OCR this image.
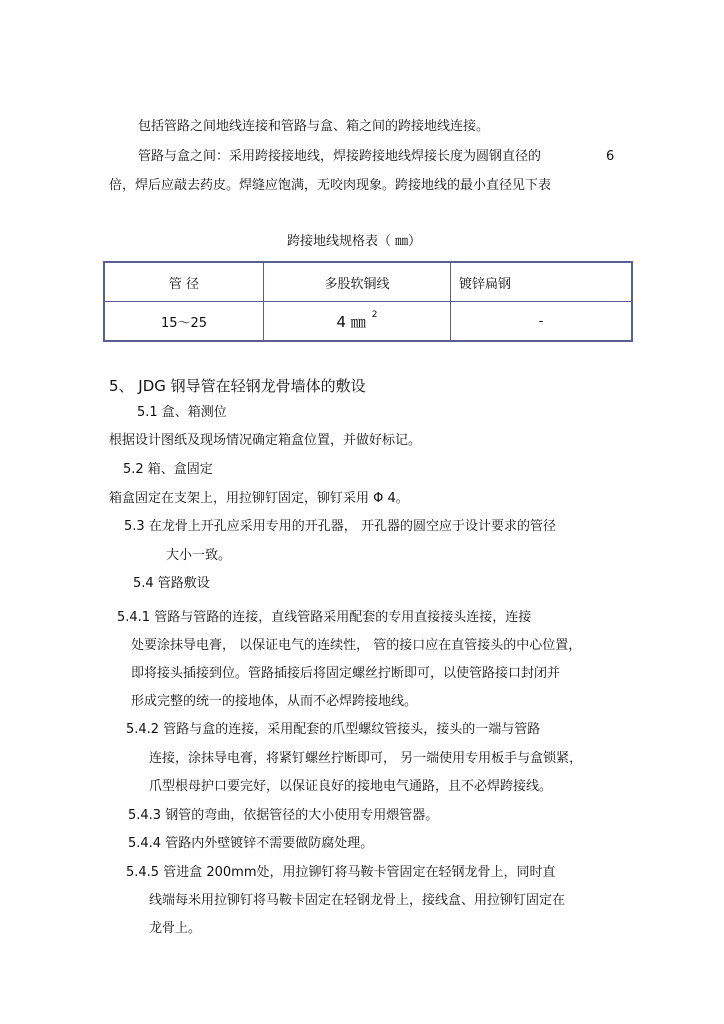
包括管路之间地线连接和管路与盒、箱之间的跨接地线连接。
管路与盒之间：采用跨接接地线，焊接跨接地线焊接长度为圆钢直径的	6
倍，焊后应敲去药皮。焊缝应饱满，无咬肉现象。跨接地线的最小直径见下表
跨接地线规格表（ ㎜）
管 径	多股软铜线	镀锌扁钢
15～25	4 ㎜ $^2$	-
5、 JDG 钢导管在轻钢龙骨墙体的敷设
5.1 盒、箱测位
根据设计图纸及现场情况确定箱盒位置，并做好标记。
5.2 箱、盒固定
箱盒固定在支架上，用拉铆钉固定，铆钉采用 Φ 4。
5.3 在龙骨上开孔应采用专用的开孔器， 开孔器的圆空应于设计要求的管径
大小一致。
5.4 管路敷设
5.4.1 管路与管路的连接，直线管路采用配套的专用直接接头连接，连接
处要涂抹导电膏， 以保证电气的连续性， 管的接口应在直管接头的中心位置，
即将接头插接到位。管路插接后将固定螺丝拧断即可，以使管路接口封闭并
形成完整的统一的接地体，从而不必焊跨接地线。
5.4.2 管路与盒的连接，采用配套的爪型螺纹管接头，接头的一端与管路
连接，涂抹导电膏，将紧钉螺丝拧断即可， 另一端使用专用板手与盒锁紧，
爪型根母护口要完好，以保证良好的接地电气通路，且不必焊跨接线。
5.4.3 钢管的弯曲，依据管径的大小使用专用煨管器。
5.4.4 管路内外壁镀锌不需要做防腐处理。
5.4.5 管进盒 200mm处，用拉铆钉将马鞍卡管固定在轻钢龙骨上，同时直
线端每米用拉铆钉将马鞍卡固定在轻钢龙骨上，接线盒、用拉铆钉固定在
龙骨上。
